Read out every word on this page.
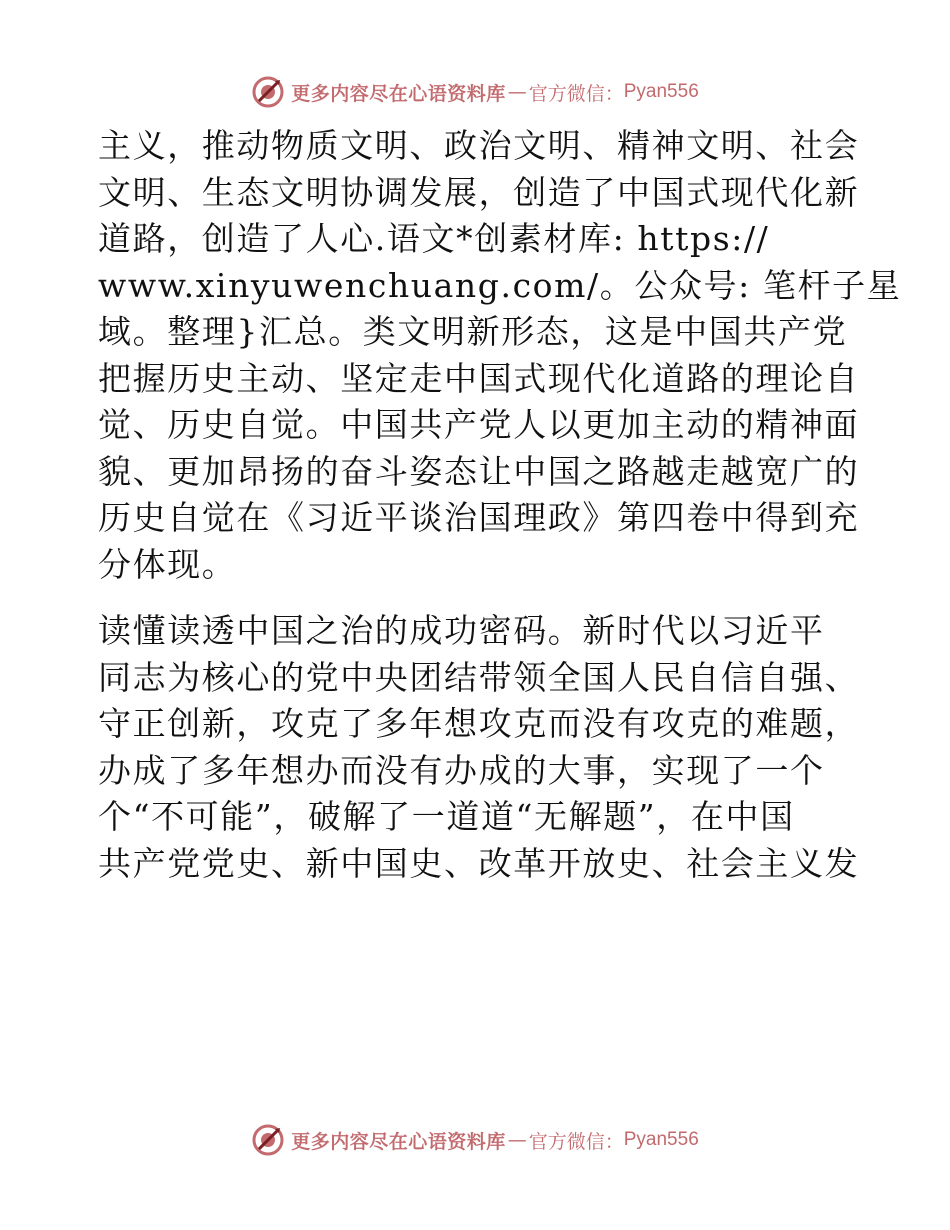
更多内容尽在心语资料库 — 官方微信： Pyan556
主义，推动物质文明、政治文明、精神文明、社会
文明、生态文明协调发展，创造了中国式现代化新
道路，创造了人心.语文*创素材库: https://
www.xinyuwenchuang.com/。公众号: 笔杆子星
域。整理}汇总。类文明新形态，这是中国共产党
把握历史主动、坚定走中国式现代化道路的理论自
觉、历史自觉。中国共产党人以更加主动的精神面
貌、更加昂扬的奋斗姿态让中国之路越走越宽广的
历史自觉在《习近平谈治国理政》第四卷中得到充
分体现。
读懂读透中国之治的成功密码。新时代以习近平
同志为核心的党中央团结带领全国人民自信自强、
守正创新，攻克了多年想攻克而没有攻克的难题，
办成了多年想办而没有办成的大事，实现了一个
个“不可能”，破解了一道道“无解题”，在中国
共产党党史、新中国史、改革开放史、社会主义发
更多内容尽在心语资料库 — 官方微信： Pyan556
